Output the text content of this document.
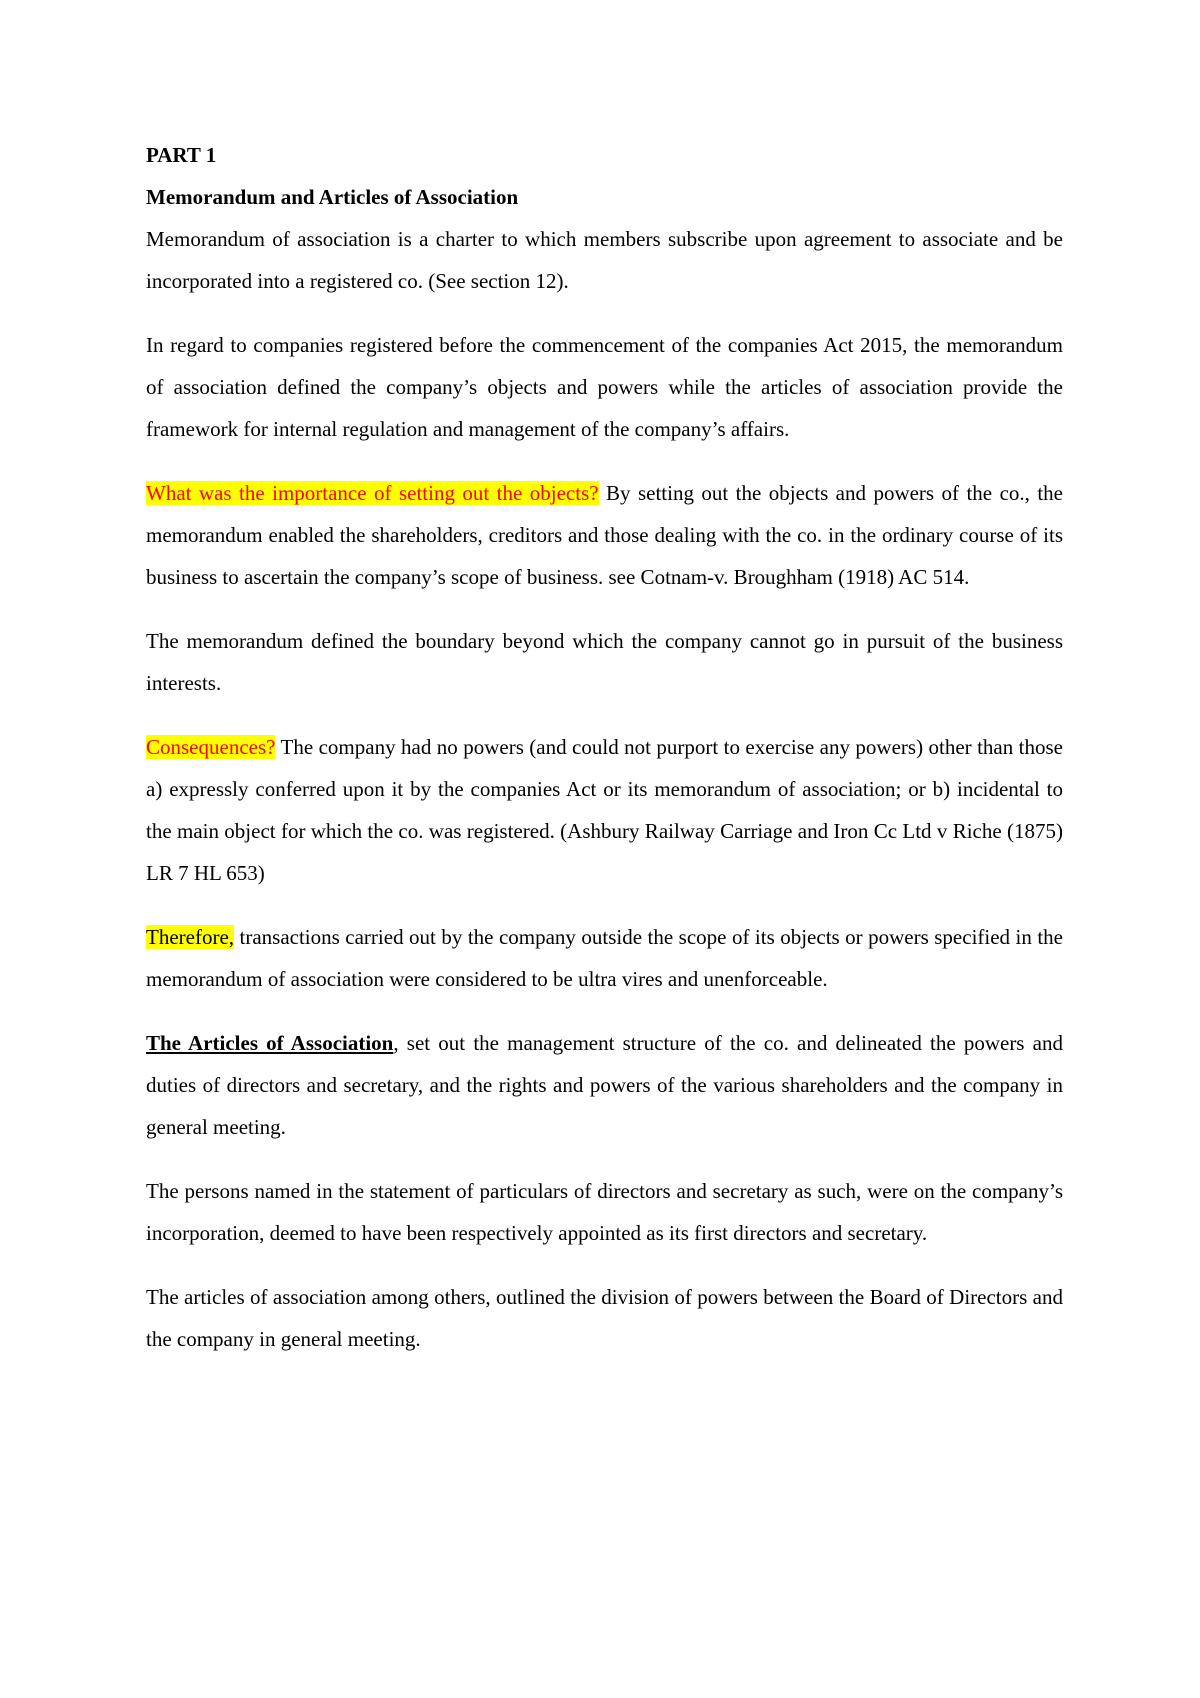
PART 1

Memorandum and Articles of Association

Memorandum of association is a charter to which members subscribe upon agreement to associate and be incorporated into a registered co. (See section 12).

In regard to companies registered before the commencement of the companies Act 2015, the memorandum of association defined the company’s objects and powers while the articles of association provide the framework for internal regulation and management of the company’s affairs.

What was the importance of setting out the objects? By setting out the objects and powers of the co., the memorandum enabled the shareholders, creditors and those dealing with the co. in the ordinary course of its business to ascertain the company’s scope of business. see Cotnam-v. Broughham (1918) AC 514.

The memorandum defined the boundary beyond which the company cannot go in pursuit of the business interests.

Consequences? The company had no powers (and could not purport to exercise any powers) other than those a) expressly conferred upon it by the companies Act or its memorandum of association; or b) incidental to the main object for which the co. was registered. (Ashbury Railway Carriage and Iron Cc Ltd v Riche (1875) LR 7 HL 653)

Therefore, transactions carried out by the company outside the scope of its objects or powers specified in the memorandum of association were considered to be ultra vires and unenforceable.

The Articles of Association, set out the management structure of the co. and delineated the powers and duties of directors and secretary, and the rights and powers of the various shareholders and the company in general meeting.

The persons named in the statement of particulars of directors and secretary as such, were on the company’s incorporation, deemed to have been respectively appointed as its first directors and secretary.

The articles of association among others, outlined the division of powers between the Board of Directors and the company in general meeting.
